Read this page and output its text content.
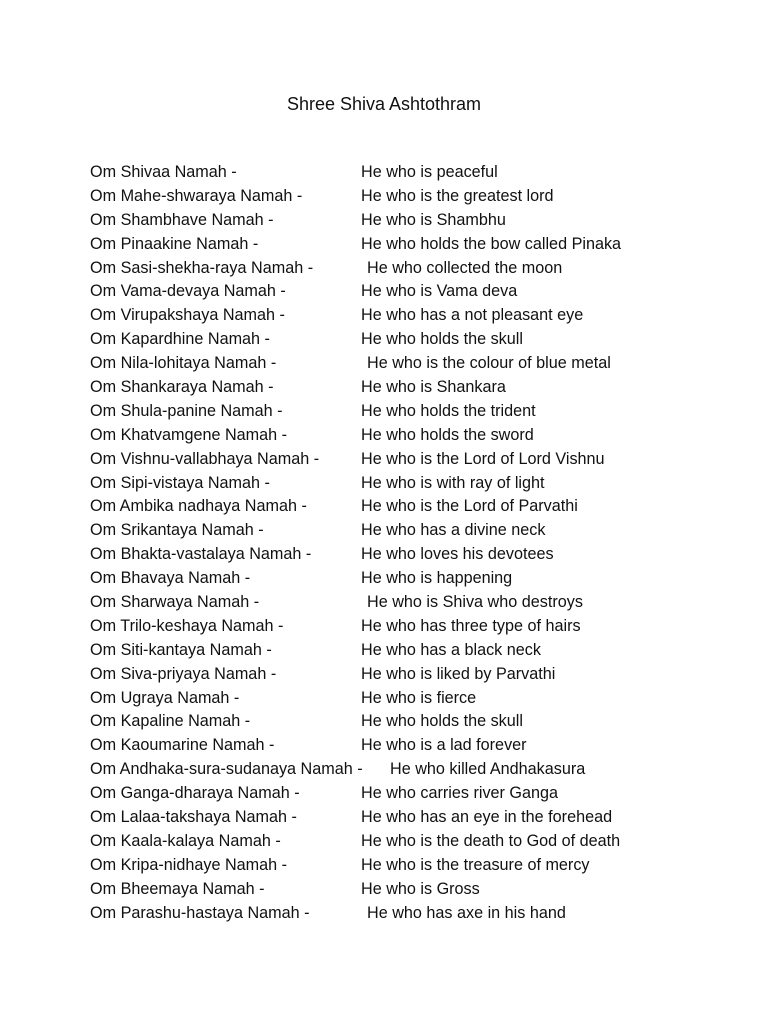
Shree Shiva Ashtothram
Om Shivaa Namah -	He who is peaceful
Om Mahe-shwaraya Namah -	He who is the greatest lord
Om Shambhave Namah -	He who is Shambhu
Om Pinaakine Namah -	He who holds the bow called Pinaka
Om Sasi-shekha-raya Namah -	He who collected the moon
Om Vama-devaya Namah -	He who is Vama deva
Om Virupakshaya Namah -	He who has a not pleasant eye
Om Kapardhine Namah -	He who holds the skull
Om Nila-lohitaya Namah -	He who is the colour of blue metal
Om Shankaraya Namah -	He who is Shankara
Om Shula-panine Namah -	He who holds the trident
Om Khatvamgene Namah -	He who holds the sword
Om Vishnu-vallabhaya Namah -	He who is the Lord of Lord Vishnu
Om Sipi-vistaya Namah -	He who is with ray of light
Om Ambika nadhaya Namah -	He who is the Lord of Parvathi
Om Srikantaya Namah -	He who has a divine neck
Om Bhakta-vastalaya Namah -	He who loves his devotees
Om Bhavaya Namah -	He who is happening
Om Sharwaya Namah -	He who is Shiva who destroys
Om Trilo-keshaya Namah -	He who has three type of hairs
Om Siti-kantaya Namah -	He who has a black neck
Om Siva-priyaya Namah -	He who is liked by Parvathi
Om Ugraya Namah -	He who is fierce
Om Kapaline Namah -	He who holds the skull
Om Kaoumarine Namah -	He who is a lad forever
Om Andhaka-sura-sudanaya Namah - He who killed Andhakasura
Om Ganga-dharaya Namah -	He who carries river Ganga
Om Lalaa-takshaya Namah -	He who has an eye in the forehead
Om Kaala-kalaya Namah -	He who is the death to God of death
Om Kripa-nidhaye Namah -	He who is the treasure of mercy
Om Bheemaya Namah -	He who is Gross
Om Parashu-hastaya Namah -	He who has axe in his hand
